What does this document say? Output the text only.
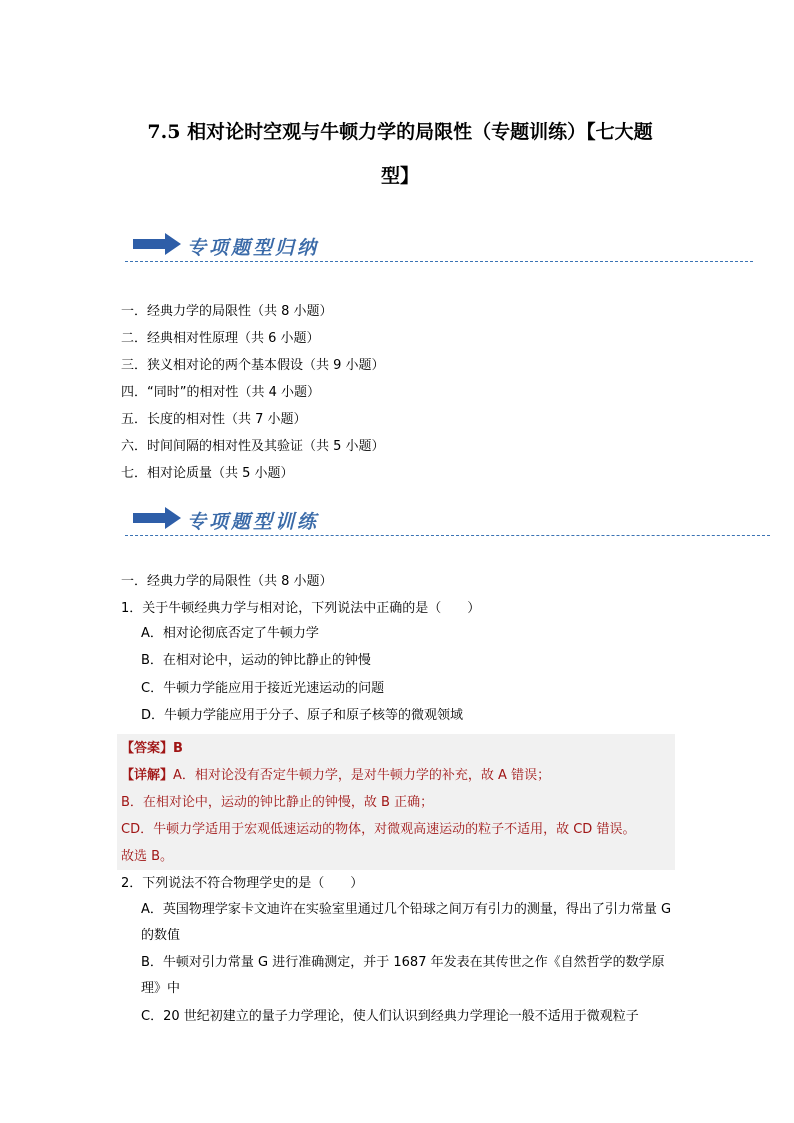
7.5 相对论时空观与牛顿力学的局限性（专题训练）【七大题
型】
专项题型归纳
一．经典力学的局限性（共 8 小题）
二．经典相对性原理（共 6 小题）
三．狭义相对论的两个基本假设（共 9 小题）
四．“同时”的相对性（共 4 小题）
五．长度的相对性（共 7 小题）
六．时间间隔的相对性及其验证（共 5 小题）
七．相对论质量（共 5 小题）
专项题型训练

一．经典力学的局限性（共 8 小题）

1．关于牛顿经典力学与相对论，下列说法中正确的是（　　）

A．相对论彻底否定了牛顿力学

B．在相对论中，运动的钟比静止的钟慢

C．牛顿力学能应用于接近光速运动的问题

D．牛顿力学能应用于分子、原子和原子核等的微观领域

【答案】B

【详解】A．相对论没有否定牛顿力学，是对牛顿力学的补充，故 A 错误；

B．在相对论中，运动的钟比静止的钟慢，故 B 正确；

CD．牛顿力学适用于宏观低速运动的物体，对微观高速运动的粒子不适用，故 CD 错误。

故选 B。

2．下列说法不符合物理学史的是（　　）

A．英国物理学家卡文迪许在实验室里通过几个铅球之间万有引力的测量，得出了引力常量 G 的数值

B．牛顿对引力常量 G 进行准确测定，并于 1687 年发表在其传世之作《自然哲学的数学原理》中

C．20 世纪初建立的量子力学理论，使人们认识到经典力学理论一般不适用于微观粒子
